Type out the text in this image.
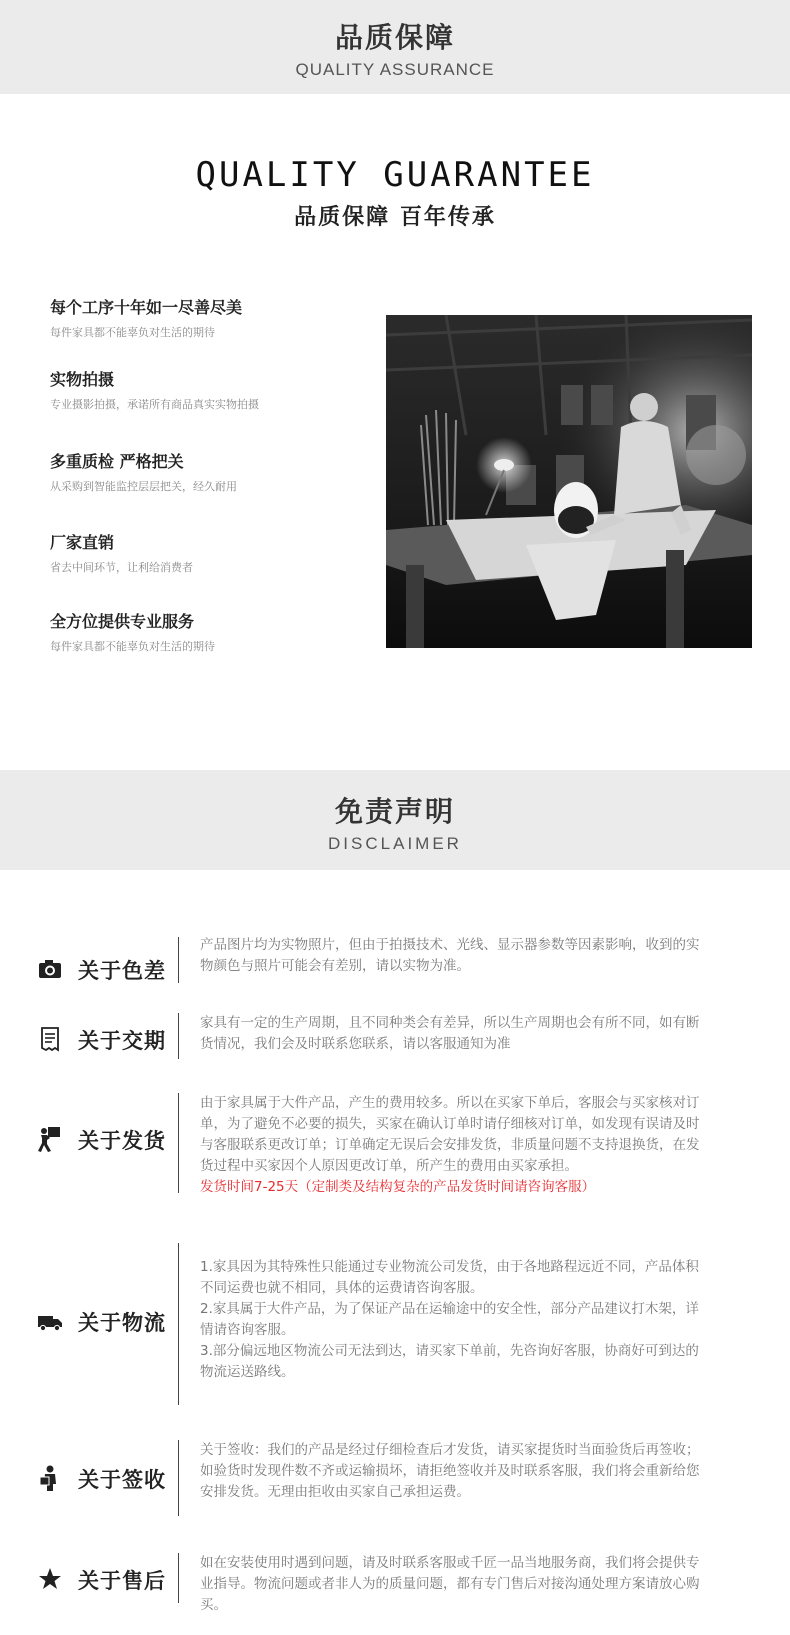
品质保障
QUALITY ASSURANCE
QUALITY GUARANTEE
品质保障 百年传承
每个工序十年如一尽善尽美
每件家具都不能辜负对生活的期待
实物拍摄
专业摄影拍摄，承诺所有商品真实实物拍摄
多重质检 严格把关
从采购到智能监控层层把关，经久耐用
厂家直销
省去中间环节，让利给消费者
全方位提供专业服务
每件家具都不能辜负对生活的期待
免责声明
DISCLAIMER
关于色差

产品图片均为实物照片，但由于拍摄技术、光线、显示器参数等因素影响，收到的实物颜色与照片可能会有差别，请以实物为准。

关于交期

家具有一定的生产周期，且不同种类会有差异，所以生产周期也会有所不同，如有断货情况，我们会及时联系您联系，请以客服通知为准

关于发货

由于家具属于大件产品，产生的费用较多。所以在买家下单后，客服会与买家核对订单，为了避免不必要的损失，买家在确认订单时请仔细核对订单，如发现有误请及时与客服联系更改订单；订单确定无误后会安排发货，非质量问题不支持退换货，在发货过程中买家因个人原因更改订单，所产生的费用由买家承担。

发货时间7-25天（定制类及结构复杂的产品发货时间请咨询客服）

关于物流

1.家具因为其特殊性只能通过专业物流公司发货，由于各地路程远近不同，产品体积不同运费也就不相同，具体的运费请咨询客服。

2.家具属于大件产品，为了保证产品在运输途中的安全性，部分产品建议打木架，详情请咨询客服。

3.部分偏远地区物流公司无法到达，请买家下单前，先咨询好客服，协商好可到达的物流运送路线。

关于签收

关于签收：我们的产品是经过仔细检查后才发货，请买家提货时当面验货后再签收；如验货时发现件数不齐或运输损坏，请拒绝签收并及时联系客服，我们将会重新给您安排发货。无理由拒收由买家自己承担运费。

关于售后

如在安装使用时遇到问题，请及时联系客服或千匠一品当地服务商，我们将会提供专业指导。物流问题或者非人为的质量问题，都有专门售后对接沟通处理方案请放心购买。
